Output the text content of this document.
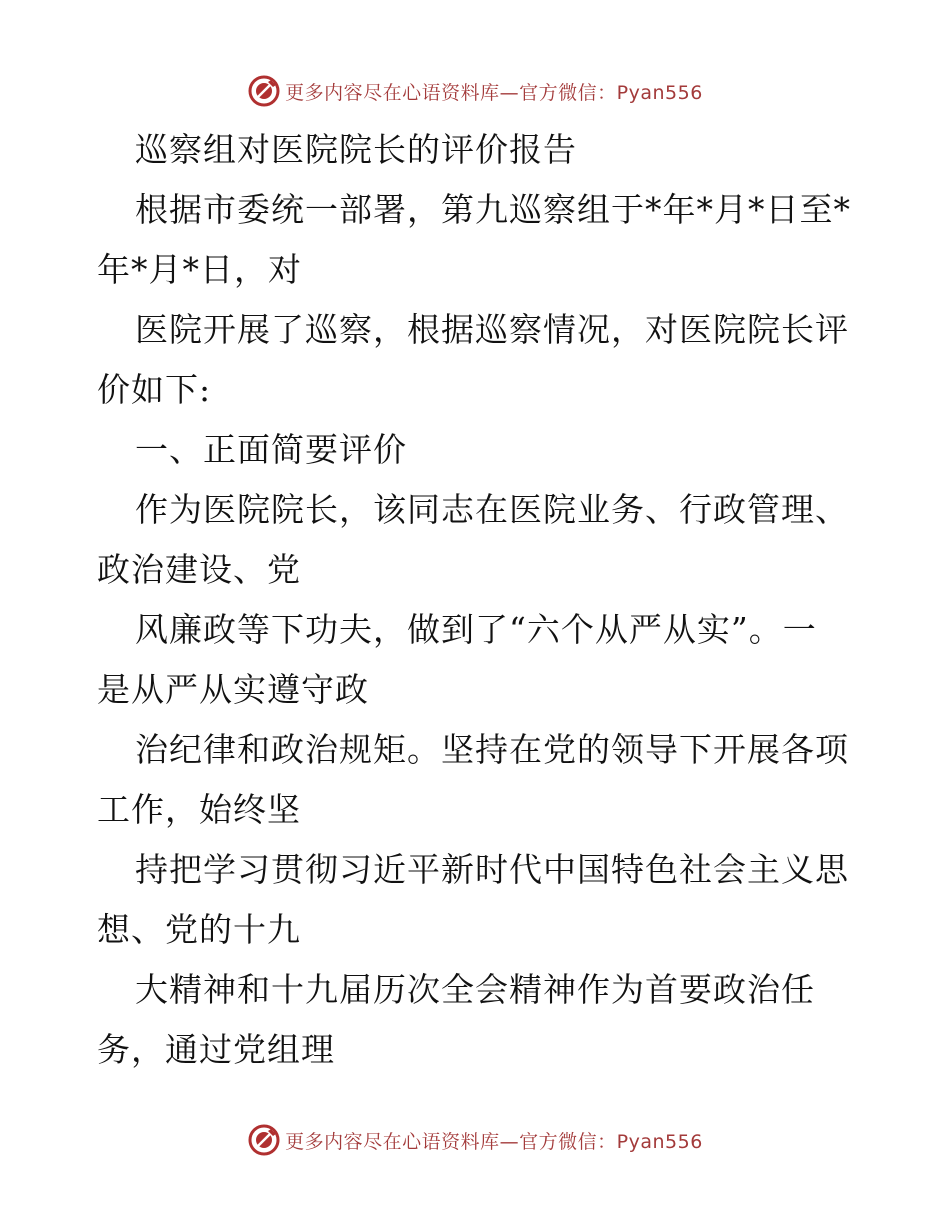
更多内容尽在心语资料库—官方微信：Pyan556
巡察组对医院院长的评价报告
根据市委统一部署，第九巡察组于*年*月*日至*
年*月*日，对
医院开展了巡察，根据巡察情况，对医院院长评
价如下:
一、正面简要评价
作为医院院长，该同志在医院业务、行政管理、
政治建设、党
风廉政等下功夫，做到了“六个从严从实”。一
是从严从实遵守政
治纪律和政治规矩。坚持在党的领导下开展各项
工作，始终坚
持把学习贯彻习近平新时代中国特色社会主义思
想、党的十九
大精神和十九届历次全会精神作为首要政治任
务，通过党组理
更多内容尽在心语资料库—官方微信：Pyan556
